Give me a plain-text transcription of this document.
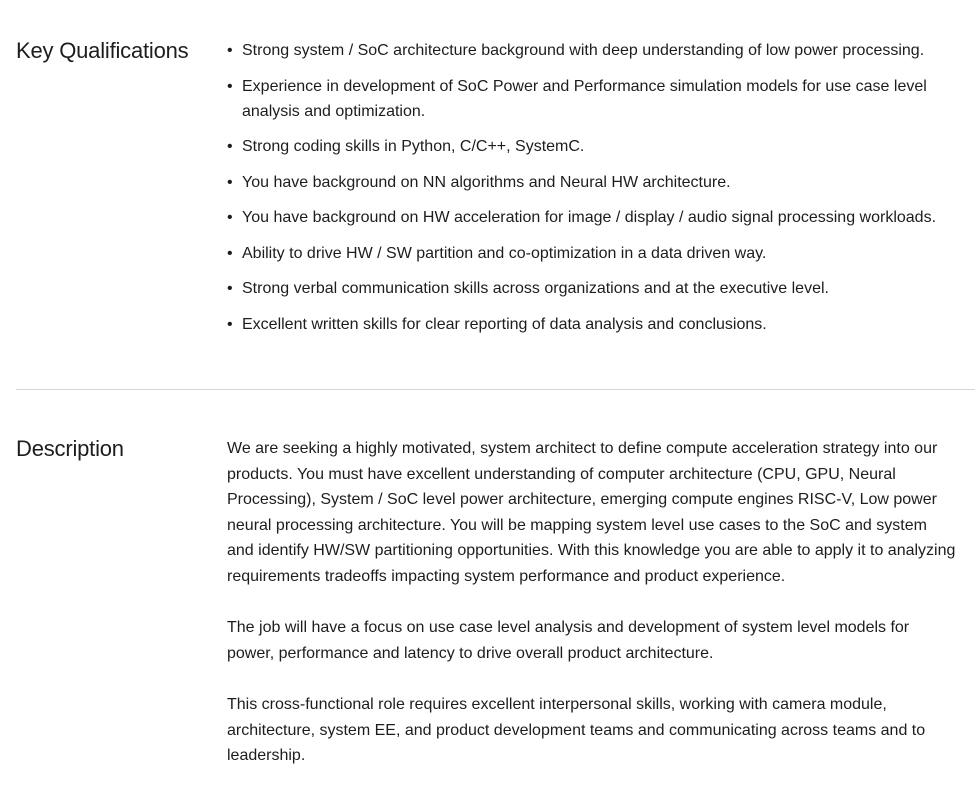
Key Qualifications • Strong system / SoC architecture background with deep understanding of low power processing.
• Experience in development of SoC Power and Performance simulation models for use case level analysis and optimization.
• Strong coding skills in Python, C/C++, SystemC.
• You have background on NN algorithms and Neural HW architecture.
• You have background on HW acceleration for image / display / audio signal processing workloads.
• Ability to drive HW / SW partition and co-optimization in a data driven way.
• Strong verbal communication skills across organizations and at the executive level.
• Excellent written skills for clear reporting of data analysis and conclusions.
Description	We are seeking a highly motivated, system architect to define compute acceleration strategy into our products. You must have excellent understanding of computer architecture (CPU, GPU, Neural Processing), System / SoC level power architecture, emerging compute engines RISC-V, Low power neural processing architecture. You will be mapping system level use cases to the SoC and system and identify HW/SW partitioning opportunities. With this knowledge you are able to apply it to analyzing requirements tradeoffs impacting system performance and product experience.

The job will have a focus on use case level analysis and development of system level models for power, performance and latency to drive overall product architecture.

This cross-functional role requires excellent interpersonal skills, working with camera module, architecture, system EE, and product development teams and communicating across teams and to leadership.
